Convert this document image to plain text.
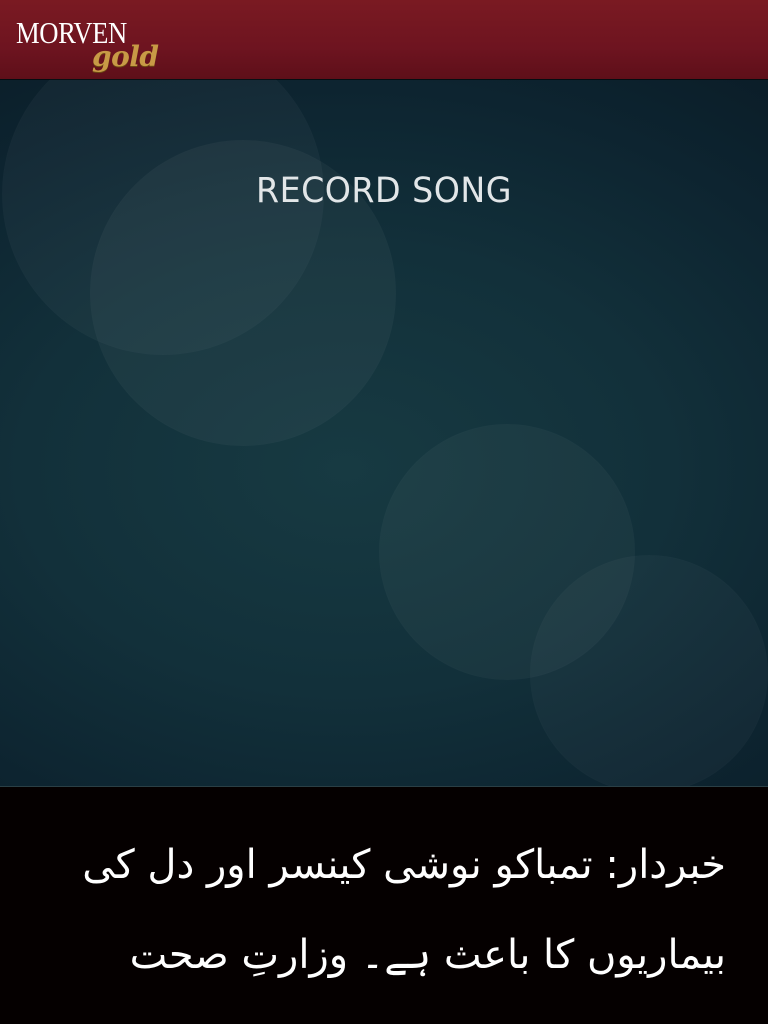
MORVEN
gold
RECORD SONG
خبردار: تمباکو نوشی کینسر اور دل کی
بیماریوں کا باعث ہے۔ وزارتِ صحت
